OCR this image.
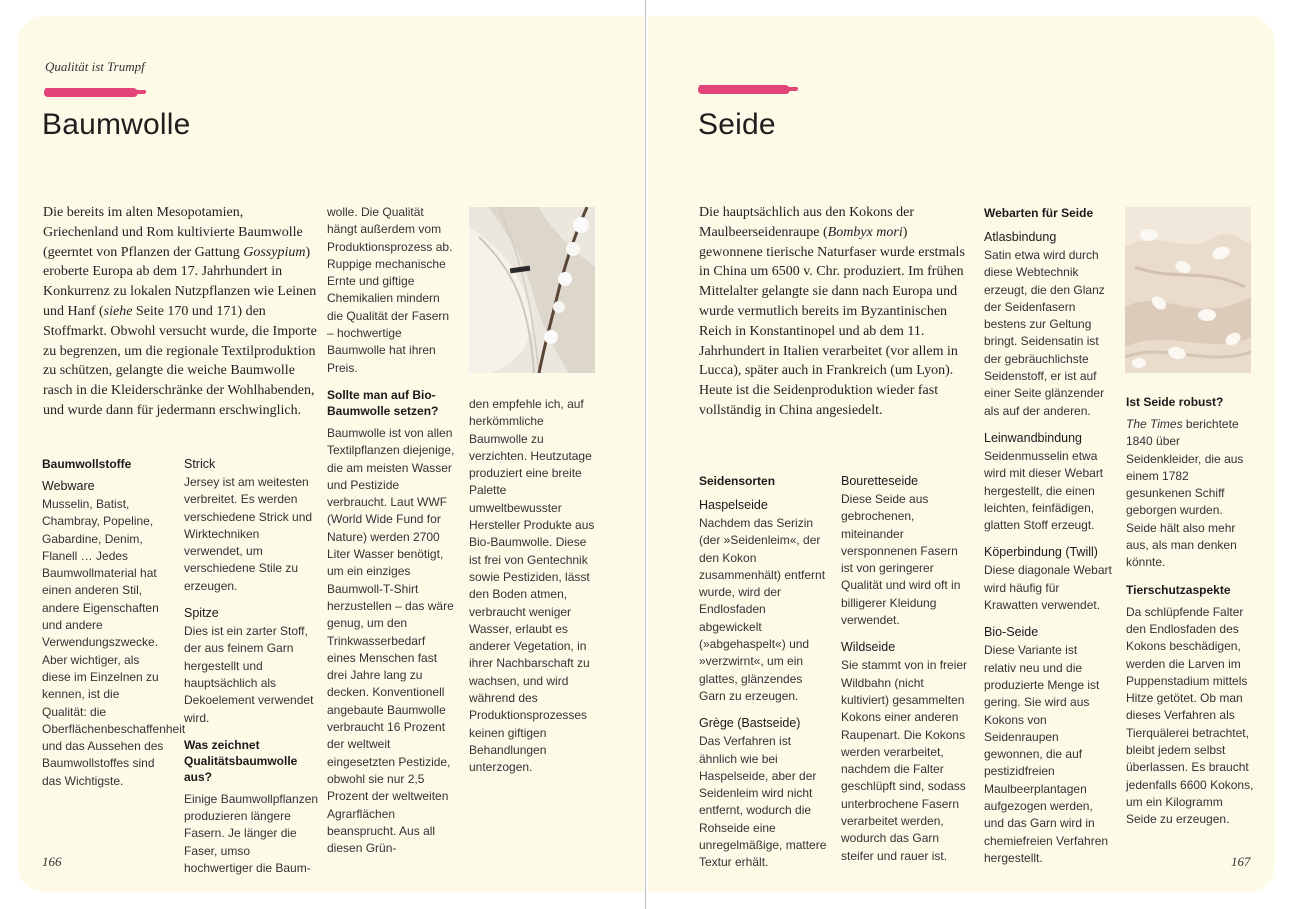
Qualität ist Trumpf
Baumwolle

Die bereits im alten Mesopotamien, Griechenland und Rom kultivierte Baumwolle (geerntet von Pflanzen der Gattung Gossypium) eroberte Europa ab dem 17. Jahrhundert in Konkurrenz zu lokalen Nutzpflanzen wie Leinen und Hanf (siehe Seite 170 und 171) den Stoffmarkt. Obwohl versucht wurde, die Importe zu begrenzen, um die regionale Textilproduktion zu schützen, gelangte die weiche Baumwolle rasch in die Kleiderschränke der Wohlhabenden, und wurde dann für jedermann erschwinglich.

Baumwollstoffe
Webware

Musselin, Batist, Chambray, Popeline, Gabardine, Denim, Flanell … Jedes Baumwollmaterial hat einen anderen Stil, andere Eigenschaften und andere Verwendungszwecke. Aber wichtiger, als diese im Einzelnen zu kennen, ist die Qualität: die Oberflächenbeschaffenheit und das Aussehen des Baumwollstoffes sind das Wichtigste.

Strick

Jersey ist am weitesten verbreitet. Es werden verschiedene Strick und Wirktechniken verwendet, um verschiedene Stile zu erzeugen.

Spitze

Dies ist ein zarter Stoff, der aus feinem Garn hergestellt und hauptsächlich als Dekoelement verwendet wird.

Was zeichnet Qualitätsbaumwolle aus?

Einige Baumwollpflanzen produzieren längere Fasern. Je länger die Faser, umso hochwertiger die Baum-

wolle. Die Qualität hängt außerdem vom Produktionsprozess ab. Ruppige mechanische Ernte und giftige Chemikalien mindern die Qualität der Fasern – hochwertige Baumwolle hat ihren Preis.

Sollte man auf Bio-Baumwolle setzen?

Baumwolle ist von allen Textilpflanzen diejenige, die am meisten Wasser und Pestizide verbraucht. Laut WWF (World Wide Fund for Nature) werden 2700 Liter Wasser benötigt, um ein einziges Baumwoll-T-Shirt herzustellen – das wäre genug, um den Trinkwasserbedarf eines Menschen fast drei Jahre lang zu decken. Konventionell angebaute Baumwolle verbraucht 16 Prozent der weltweit eingesetzten Pestizide, obwohl sie nur 2,5 Prozent der weltweiten Agrarflächen beansprucht. Aus all diesen Grün-

den empfehle ich, auf herkömmliche Baumwolle zu verzichten. Heutzutage produziert eine breite Palette umweltbewusster Hersteller Produkte aus Bio-Baumwolle. Diese ist frei von Gentechnik sowie Pestiziden, lässt den Boden atmen, verbraucht weniger Wasser, erlaubt es anderer Vegetation, in ihrer Nachbarschaft zu wachsen, und wird während des Produktionsprozesses keinen giftigen Behandlungen unterzogen.

166
Seide

Die hauptsächlich aus den Kokons der Maulbeerseidenraupe (Bombyx mori) gewonnene tierische Naturfaser wurde erstmals in China um 6500 v. Chr. produziert. Im frühen Mittelalter gelangte sie dann nach Europa und wurde vermutlich bereits im Byzantinischen Reich in Konstantinopel und ab dem 11. Jahrhundert in Italien verarbeitet (vor allem in Lucca), später auch in Frankreich (um Lyon). Heute ist die Seidenproduktion wieder fast vollständig in China angesiedelt.

Seidensorten
Haspelseide

Nachdem das Serizin (der »Seidenleim«, der den Kokon zusammenhält) entfernt wurde, wird der Endlosfaden abgewickelt (»abgehaspelt«) und »verzwirnt«, um ein glattes, glänzendes Garn zu erzeugen.

Grège (Bastseide)

Das Verfahren ist ähnlich wie bei Haspelseide, aber der Seidenleim wird nicht entfernt, wodurch die Rohseide eine unregelmäßige, mattere Textur erhält.

Bouretteseide

Diese Seide aus gebrochenen, miteinander versponnenen Fasern ist von geringerer Qualität und wird oft in billigerer Kleidung verwendet.

Wildseide

Sie stammt von in freier Wildbahn (nicht kultiviert) gesammelten Kokons einer anderen Raupenart. Die Kokons werden verarbeitet, nachdem die Falter geschlüpft sind, sodass unterbrochene Fasern verarbeitet werden, wodurch das Garn steifer und rauer ist.

Webarten für Seide
Atlasbindung

Satin etwa wird durch diese Webtechnik erzeugt, die den Glanz der Seidenfasern bestens zur Geltung bringt. Seidensatin ist der gebräuchlichste Seidenstoff, er ist auf einer Seite glänzender als auf der anderen.

Leinwandbindung

Seidenmusselin etwa wird mit dieser Webart hergestellt, die einen leichten, feinfädigen, glatten Stoff erzeugt.

Köperbindung (Twill)

Diese diagonale Webart wird häufig für Krawatten verwendet.

Bio-Seide

Diese Variante ist relativ neu und die produzierte Menge ist gering. Sie wird aus Kokons von Seidenraupen gewonnen, die auf pestizidfreien Maulbeerplantagen aufgezogen werden, und das Garn wird in chemiefreien Verfahren hergestellt.

Ist Seide robust?

The Times berichtete 1840 über Seidenkleider, die aus einem 1782 gesunkenen Schiff geborgen wurden. Seide hält also mehr aus, als man denken könnte.

Tierschutzaspekte

Da schlüpfende Falter den Endlosfaden des Kokons beschädigen, werden die Larven im Puppenstadium mittels Hitze getötet. Ob man dieses Verfahren als Tierquälerei betrachtet, bleibt jedem selbst überlassen. Es braucht jedenfalls 6600 Kokons, um ein Kilogramm Seide zu erzeugen.

167
